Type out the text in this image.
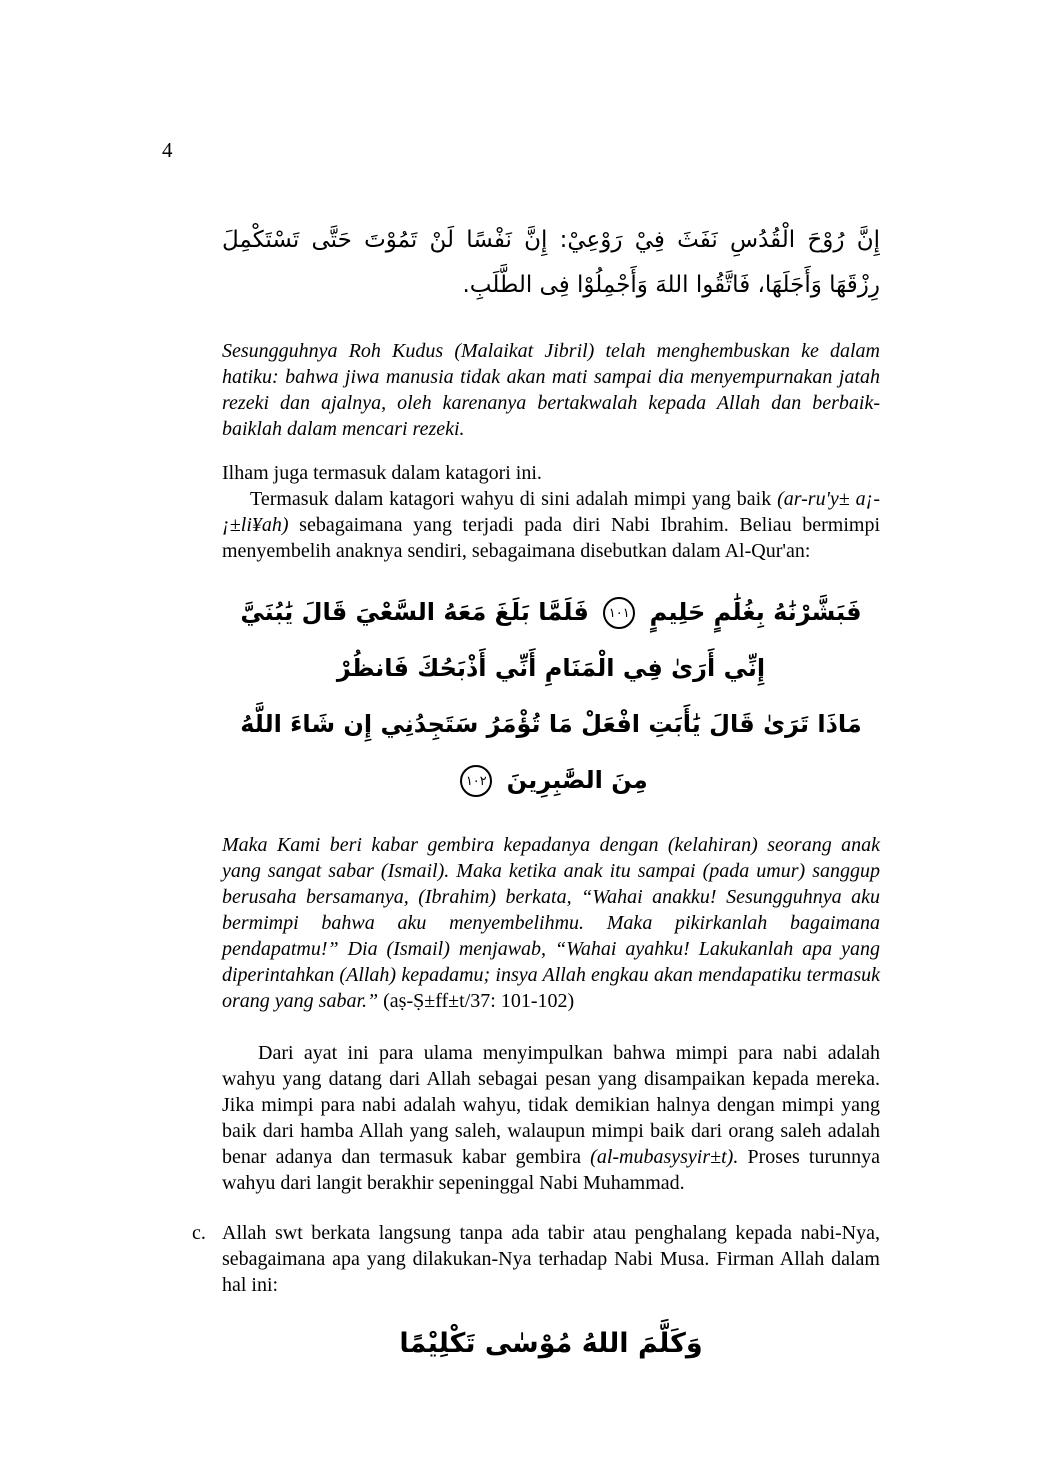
4

إِنَّ رُوْحَ الْقُدُسِ نَفَثَ فِيْ رَوْعِيْ: إِنَّ نَفْسًا لَنْ تَمُوْتَ حَتَّى تَسْتَكْمِلَ رِزْقَهَا وَأَجَلَهَا، فَاتَّقُوا اللهَ وَأَجْمِلُوْا فِى الطَّلَبِ.

Sesungguhnya Roh Kudus (Malaikat Jibril) telah menghembuskan ke dalam hatiku: bahwa jiwa manusia tidak akan mati sampai dia menyempurnakan jatah rezeki dan ajalnya, oleh karenanya bertakwalah kepada Allah dan berbaik-baiklah dalam mencari rezeki.

Ilham juga termasuk dalam katagori ini.

Termasuk dalam katagori wahyu di sini adalah mimpi yang baik (ar-ru'y± a¡-¡±li¥ah) sebagaimana yang terjadi pada diri Nabi Ibrahim. Beliau bermimpi menyembelih anaknya sendiri, sebagaimana disebutkan dalam Al-Qur'an:

فَبَشَّرْنَٰهُ بِغُلَٰمٍ حَلِيمٍ ١٠١ فَلَمَّا بَلَغَ مَعَهُ السَّعْيَ قَالَ يَٰبُنَيَّ إِنِّي أَرَىٰ فِي الْمَنَامِ أَنِّي أَذْبَحُكَ فَانظُرْ
مَاذَا تَرَىٰ قَالَ يَٰأَبَتِ افْعَلْ مَا تُؤْمَرُ سَتَجِدُنِي إِن شَاءَ اللَّهُ مِنَ الصَّٰبِرِينَ ١٠٢

Maka Kami beri kabar gembira kepadanya dengan (kelahiran) seorang anak yang sangat sabar (Ismail). Maka ketika anak itu sampai (pada umur) sanggup berusaha bersamanya, (Ibrahim) berkata, “Wahai anakku! Sesungguhnya aku bermimpi bahwa aku menyembelihmu. Maka pikirkanlah bagaimana pendapatmu!” Dia (Ismail) menjawab, “Wahai ayahku! Lakukanlah apa yang diperintahkan (Allah) kepadamu; insya Allah engkau akan mendapatiku termasuk orang yang sabar.” (aṣ-Ṣ±ff±t/37: 101-102)

Dari ayat ini para ulama menyimpulkan bahwa mimpi para nabi adalah wahyu yang datang dari Allah sebagai pesan yang disampaikan kepada mereka. Jika mimpi para nabi adalah wahyu, tidak demikian halnya dengan mimpi yang baik dari hamba Allah yang saleh, walaupun mimpi baik dari orang saleh adalah benar adanya dan termasuk kabar gembira (al-mubasysyir±t). Proses turunnya wahyu dari langit berakhir sepeninggal Nabi Muhammad.

c. Allah swt berkata langsung tanpa ada tabir atau penghalang kepada nabi-Nya, sebagaimana apa yang dilakukan-Nya terhadap Nabi Musa. Firman Allah dalam hal ini:

وَكَلَّمَ اللهُ مُوْسٰى تَكْلِيْمًا
